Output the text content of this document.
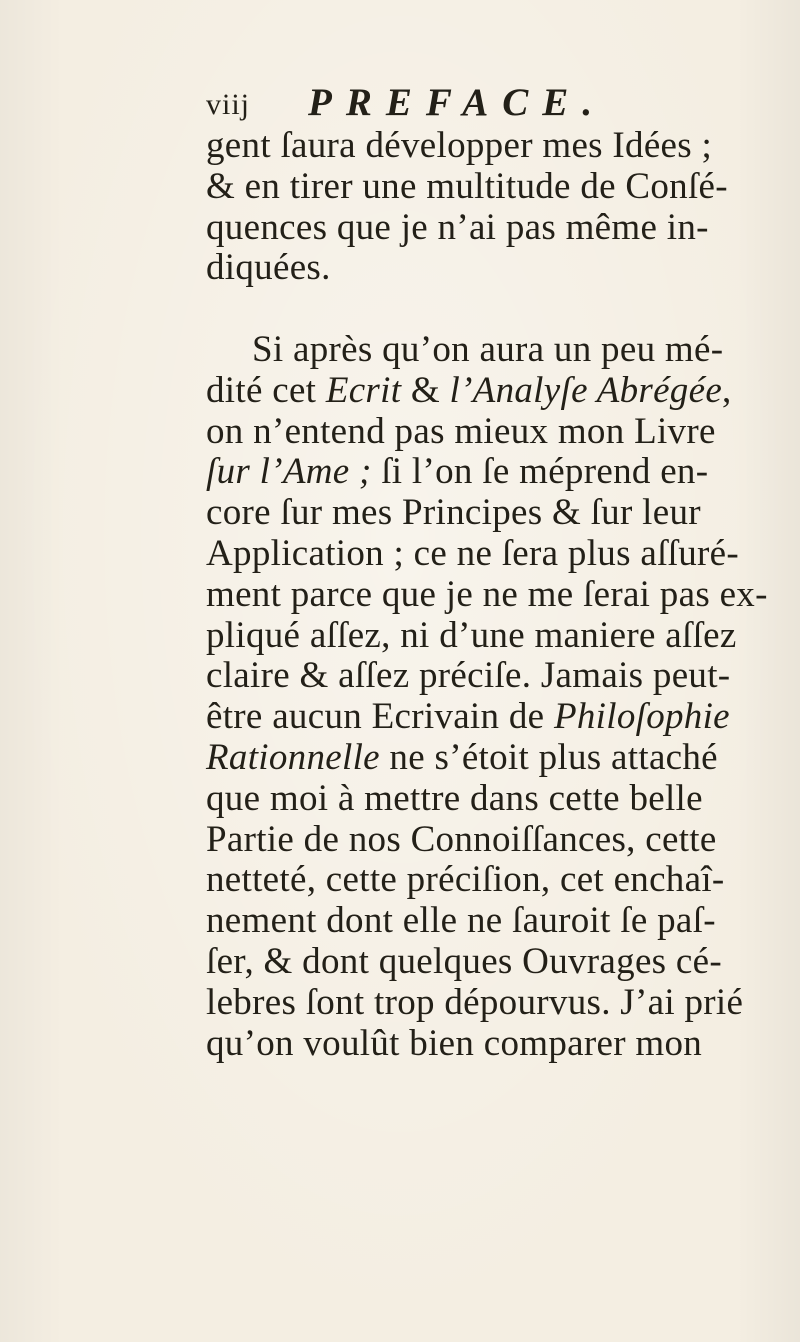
viij PREFACE.
gent ſaura développer mes Idées ;
& en tirer une multitude de Conſé-
quences que je n’ai pas même in-
diquées.
Si après qu’on aura un peu mé-
dité cet Ecrit & l’Analyſe Abrégée,
on n’entend pas mieux mon Livre
ſur l’Ame ; ſi l’on ſe méprend en-
core ſur mes Principes & ſur leur
Application ; ce ne ſera plus aſſuré-
ment parce que je ne me ſerai pas ex-
pliqué aſſez, ni d’une maniere aſſez
claire & aſſez préciſe. Jamais peut-
être aucun Ecrivain de Philoſophie
Rationnelle ne s’étoit plus attaché
que moi à mettre dans cette belle
Partie de nos Connoiſſances, cette
netteté, cette préciſion, cet enchaî-
nement dont elle ne ſauroit ſe paſ-
ſer, & dont quelques Ouvrages cé-
lebres ſont trop dépourvus. J’ai prié
qu’on voulût bien comparer mon
